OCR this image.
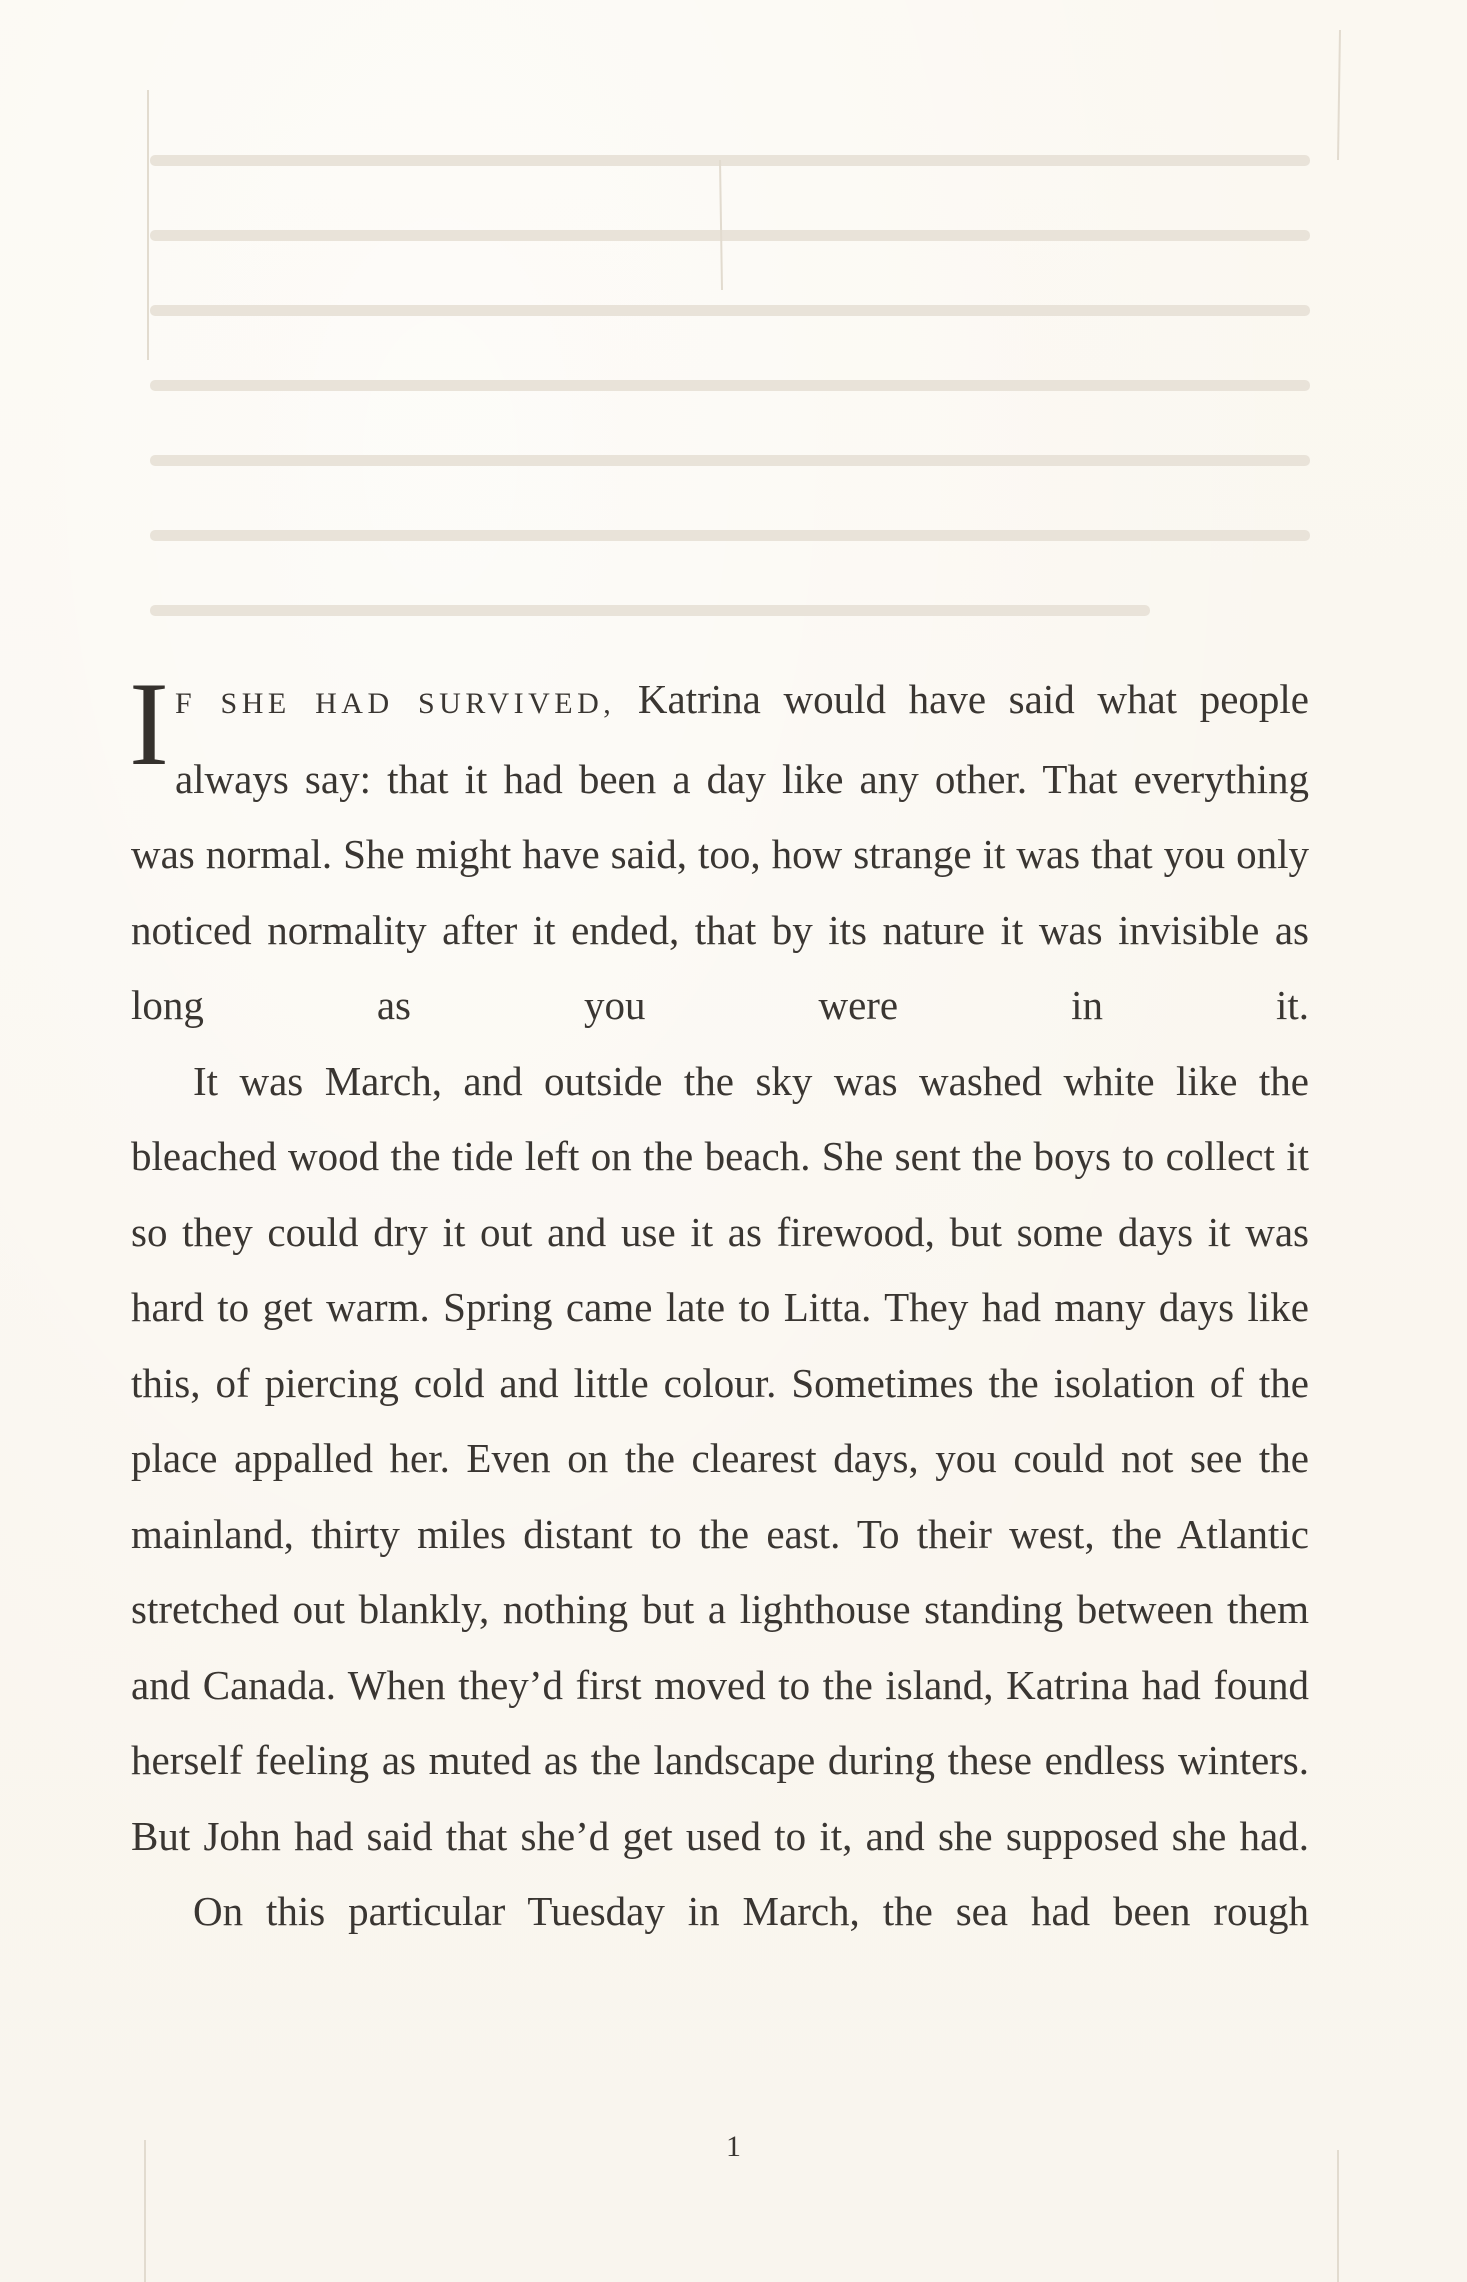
I F SHE HAD SURVIVED, Katrina would have said what people always say: that it had been a day like any other. That everything was normal. She might have said, too, how strange it was that you only noticed normality after it ended, that by its nature it was invisible as long as you were in it.

It was March, and outside the sky was washed white like the bleached wood the tide left on the beach. She sent the boys to collect it so they could dry it out and use it as firewood, but some days it was hard to get warm. Spring came late to Litta. They had many days like this, of piercing cold and little colour. Sometimes the isolation of the place appalled her. Even on the clearest days, you could not see the mainland, thirty miles distant to the east. To their west, the Atlantic stretched out blankly, nothing but a lighthouse standing between them and Canada. When they’d first moved to the island, Katrina had found herself feeling as muted as the landscape during these endless winters. But John had said that she’d get used to it, and she supposed she had.

On this particular Tuesday in March, the sea had been rough

1
